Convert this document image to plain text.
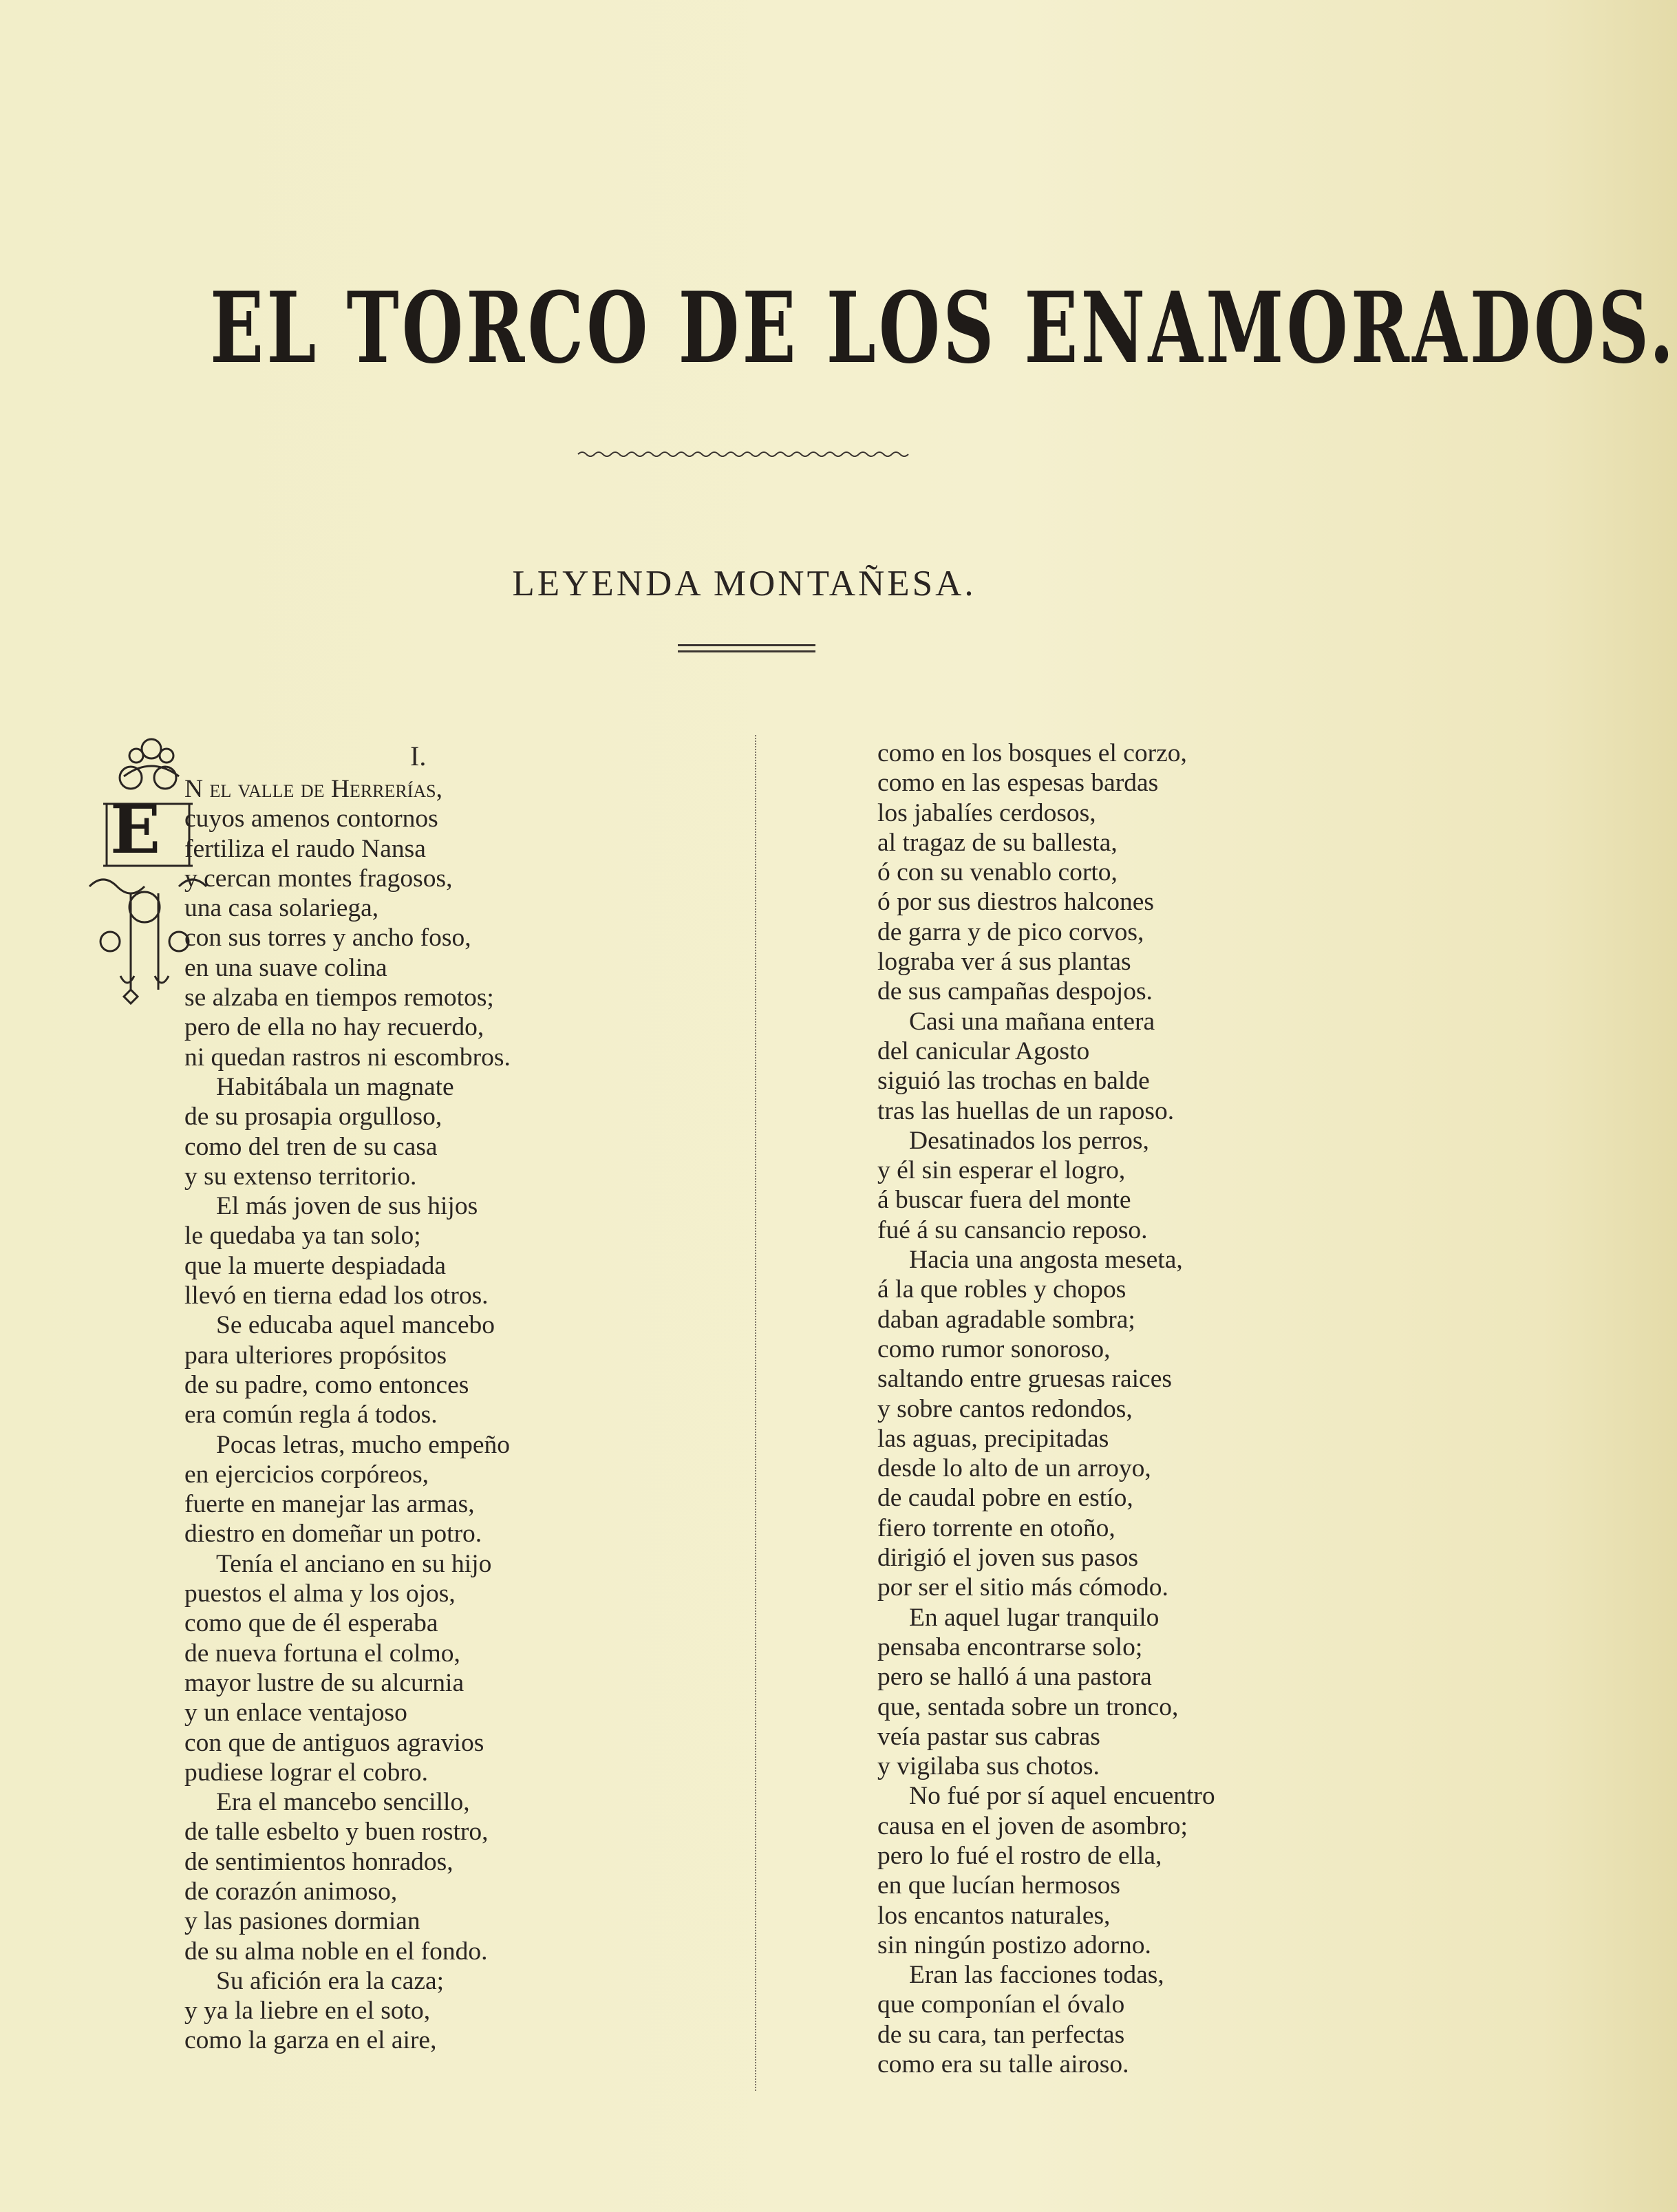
EL TORCO DE LOS ENAMORADOS.
LEYENDA MONTAÑESA.
E
I.
N el valle de Herrerías,
cuyos amenos contornos
fertiliza el raudo Nansa
y cercan montes fragosos,
una casa solariega,
con sus torres y ancho foso,
en una suave colina
se alzaba en tiempos remotos;
pero de ella no hay recuerdo,
ni quedan rastros ni escombros.
Habitábala un magnate
de su prosapia orgulloso,
como del tren de su casa
y su extenso territorio.
El más joven de sus hijos
le quedaba ya tan solo;
que la muerte despiadada
llevó en tierna edad los otros.
Se educaba aquel mancebo
para ulteriores propósitos
de su padre, como entonces
era común regla á todos.
Pocas letras, mucho empeño
en ejercicios corpóreos,
fuerte en manejar las armas,
diestro en domeñar un potro.
Tenía el anciano en su hijo
puestos el alma y los ojos,
como que de él esperaba
de nueva fortuna el colmo,
mayor lustre de su alcurnia
y un enlace ventajoso
con que de antiguos agravios
pudiese lograr el cobro.
Era el mancebo sencillo,
de talle esbelto y buen rostro,
de sentimientos honrados,
de corazón animoso,
y las pasiones dormian
de su alma noble en el fondo.
Su afición era la caza;
y ya la liebre en el soto,
como la garza en el aire,
como en los bosques el corzo,
como en las espesas bardas
los jabalíes cerdosos,
al tragaz de su ballesta,
ó con su venablo corto,
ó por sus diestros halcones
de garra y de pico corvos,
lograba ver á sus plantas
de sus campañas despojos.
Casi una mañana entera
del canicular Agosto
siguió las trochas en balde
tras las huellas de un raposo.
Desatinados los perros,
y él sin esperar el logro,
á buscar fuera del monte
fué á su cansancio reposo.
Hacia una angosta meseta,
á la que robles y chopos
daban agradable sombra;
como rumor sonoroso,
saltando entre gruesas raices
y sobre cantos redondos,
las aguas, precipitadas
desde lo alto de un arroyo,
de caudal pobre en estío,
fiero torrente en otoño,
dirigió el joven sus pasos
por ser el sitio más cómodo.
En aquel lugar tranquilo
pensaba encontrarse solo;
pero se halló á una pastora
que, sentada sobre un tronco,
veía pastar sus cabras
y vigilaba sus chotos.
No fué por sí aquel encuentro
causa en el joven de asombro;
pero lo fué el rostro de ella,
en que lucían hermosos
los encantos naturales,
sin ningún postizo adorno.
Eran las facciones todas,
que componían el óvalo
de su cara, tan perfectas
como era su talle airoso.
